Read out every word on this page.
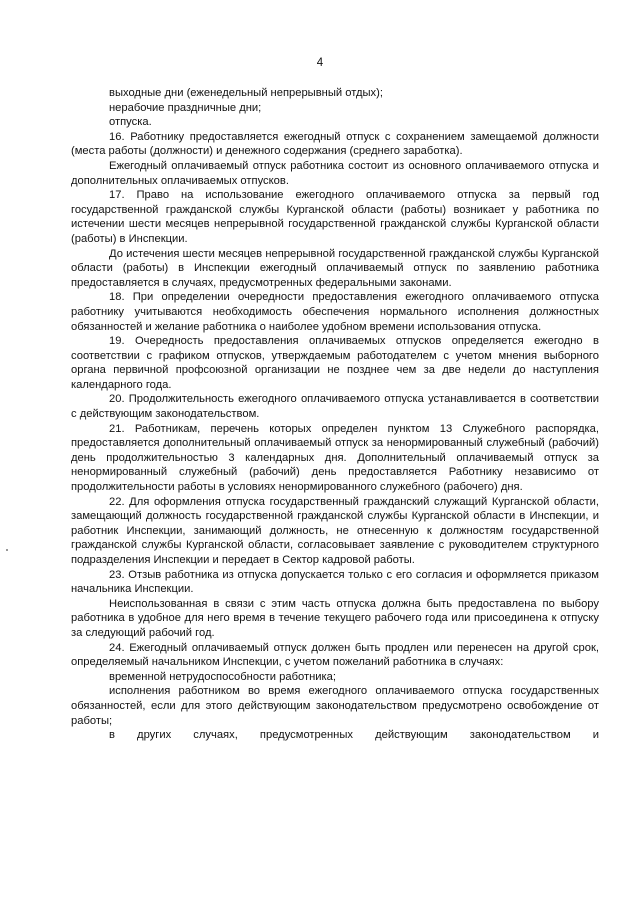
4

выходные дни (еженедельный непрерывный отдых);

нерабочие праздничные дни;

отпуска.

16. Работнику предоставляется ежегодный отпуск с сохранением замещаемой должности (места работы (должности) и денежного содержания (среднего заработка).

Ежегодный оплачиваемый отпуск работника состоит из основного оплачиваемого отпуска и дополнительных оплачиваемых отпусков.

17. Право на использование ежегодного оплачиваемого отпуска за первый год государственной гражданской службы Курганской области (работы) возникает у работника по истечении шести месяцев непрерывной государственной гражданской службы Курганской области (работы) в Инспекции.

До истечения шести месяцев непрерывной государственной гражданской службы Курганской области (работы) в Инспекции ежегодный оплачиваемый отпуск по заявлению работника предоставляется в случаях, предусмотренных федеральными законами.

18. При определении очередности предоставления ежегодного оплачиваемого отпуска работнику учитываются необходимость обеспечения нормального исполнения должностных обязанностей и желание работника о наиболее удобном времени использования отпуска.

19. Очередность предоставления оплачиваемых отпусков определяется ежегодно в соответствии с графиком отпусков, утверждаемым работодателем с учетом мнения выборного органа первичной профсоюзной организации не позднее чем за две недели до наступления календарного года.

20. Продолжительность ежегодного оплачиваемого отпуска устанавливается в соответствии с действующим законодательством.

21. Работникам, перечень которых определен пунктом 13 Служебного распорядка, предоставляется дополнительный оплачиваемый отпуск за ненормированный служебный (рабочий) день продолжительностью 3 календарных дня. Дополнительный оплачиваемый отпуск за ненормированный служебный (рабочий) день предоставляется Работнику независимо от продолжительности работы в условиях ненормированного служебного (рабочего) дня.

22. Для оформления отпуска государственный гражданский служащий Курганской области, замещающий должность государственной гражданской службы Курганской области в Инспекции, и работник Инспекции, занимающий должность, не отнесенную к должностям государственной гражданской службы Курганской области, согласовывает заявление с руководителем структурного подразделения Инспекции и передает в Сектор кадровой работы.

23. Отзыв работника из отпуска допускается только с его согласия и оформляется приказом начальника Инспекции.

Неиспользованная в связи с этим часть отпуска должна быть предоставлена по выбору работника в удобное для него время в течение текущего рабочего года или присоединена к отпуску за следующий рабочий год.

24. Ежегодный оплачиваемый отпуск должен быть продлен или перенесен на другой срок, определяемый начальником Инспекции, с учетом пожеланий работника в случаях:

временной нетрудоспособности работника;

исполнения работником во время ежегодного оплачиваемого отпуска государственных обязанностей, если для этого действующим законодательством предусмотрено освобождение от работы;

в других случаях, предусмотренных действующим законодательством и
